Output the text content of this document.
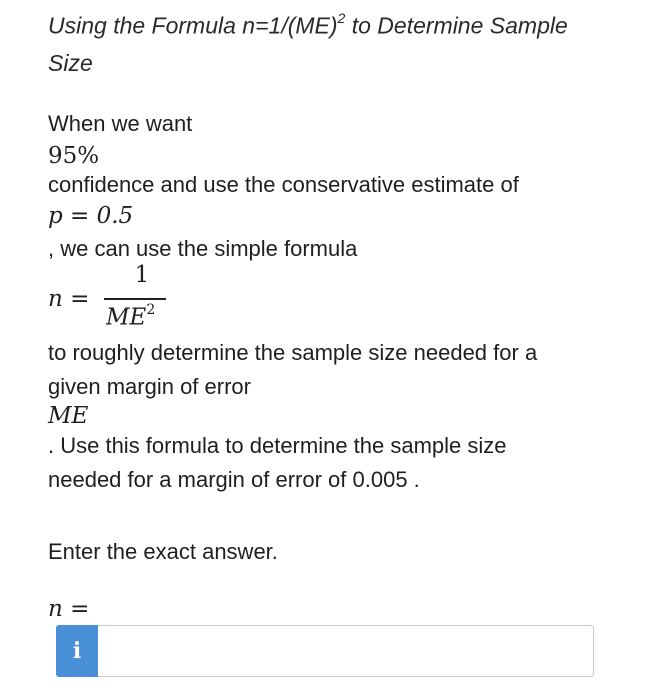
Using the Formula n=1/(ME)$^2$ to Determine Sample
Size
When we want
95%
confidence and use the conservative estimate of
p = 0.5
, we can use the simple formula
n =
1
$ME^2$
to roughly determine the sample size needed for a
given margin of error
ME
. Use this formula to determine the sample size
needed for a margin of error of 0.005 .
Enter the exact answer.
n =
i
